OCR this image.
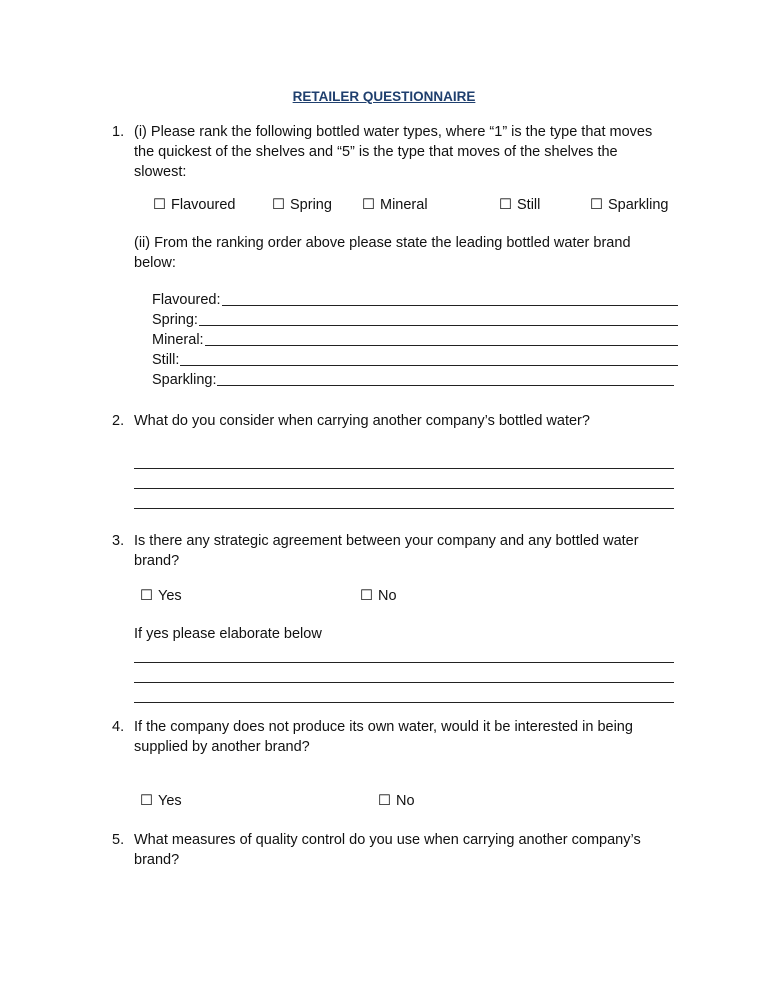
RETAILER QUESTIONNAIRE
1. (i) Please rank the following bottled water types, where “1” is the type that moves
the quickest of the shelves and “5” is the type that moves of the shelves the
slowest:
☐ Flavoured	☐ Spring	☐ Mineral	☐ Still	☐ Sparkling
(ii) From the ranking order above please state the leading bottled water brand
below:
Flavoured:
Spring:
Mineral:
Still:
Sparkling:
2. What do you consider when carrying another company’s bottled water?
3. Is there any strategic agreement between your company and any bottled water
brand?
☐ Yes	☐ No
If yes please elaborate below
4. If the company does not produce its own water, would it be interested in being
supplied by another brand?
☐ Yes	☐ No
5. What measures of quality control do you use when carrying another company’s
brand?
